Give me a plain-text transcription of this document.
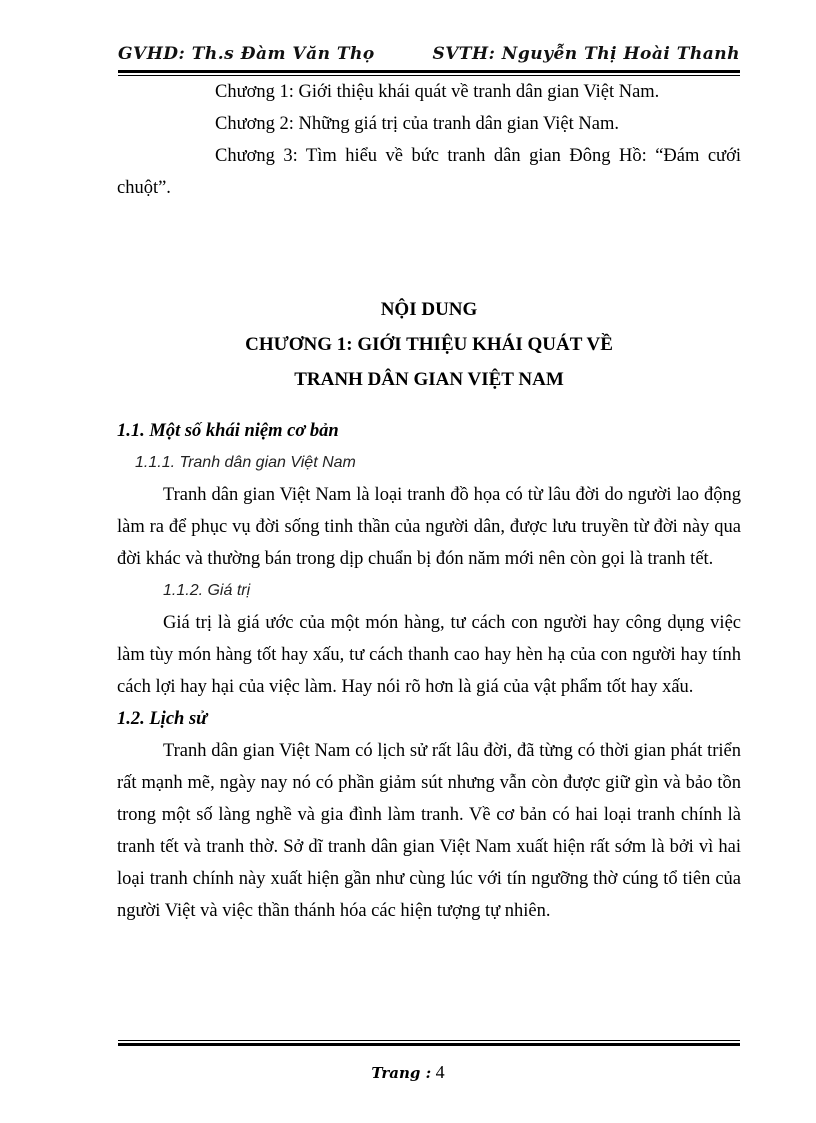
GVHD: Th.s Đàm Văn Thọ	SVTH: Nguyễn Thị Hoài Thanh

Chương 1: Giới thiệu khái quát về tranh dân gian Việt Nam.

Chương 2: Những giá trị của tranh dân gian Việt Nam.

Chương 3: Tìm hiểu về bức tranh dân gian Đông Hồ: “Đám cưới chuột”.

NỘI DUNG

CHƯƠNG 1: GIỚI THIỆU KHÁI QUÁT VỀ

TRANH DÂN GIAN VIỆT NAM

1.1. Một số khái niệm cơ bản

1.1.1. Tranh dân gian Việt Nam

Tranh dân gian Việt Nam là loại tranh đồ họa có từ lâu đời do người lao động làm ra để phục vụ đời sống tinh thần của người dân, được lưu truyền từ đời này qua đời khác và thường bán trong dịp chuẩn bị đón năm mới nên còn gọi là tranh tết.

1.1.2. Giá trị

Giá trị là giá ước của một món hàng, tư cách con người hay công dụng việc làm tùy món hàng tốt hay xấu, tư cách thanh cao hay hèn hạ của con người hay tính cách lợi hay hại của việc làm. Hay nói rõ hơn là giá của vật phẩm tốt hay xấu.

1.2. Lịch sử

Tranh dân gian Việt Nam có lịch sử rất lâu đời, đã từng có thời gian phát triển rất mạnh mẽ, ngày nay nó có phần giảm sút nhưng vẫn còn được giữ gìn và bảo tồn trong một số làng nghề và gia đình làm tranh. Về cơ bản có hai loại tranh chính là tranh tết và tranh thờ. Sở dĩ tranh dân gian Việt Nam xuất hiện rất sớm là bởi vì hai loại tranh chính này xuất hiện gần như cùng lúc với tín ngưỡng thờ cúng tổ tiên của người Việt và việc thần thánh hóa các hiện tượng tự nhiên.

Trang : 4
